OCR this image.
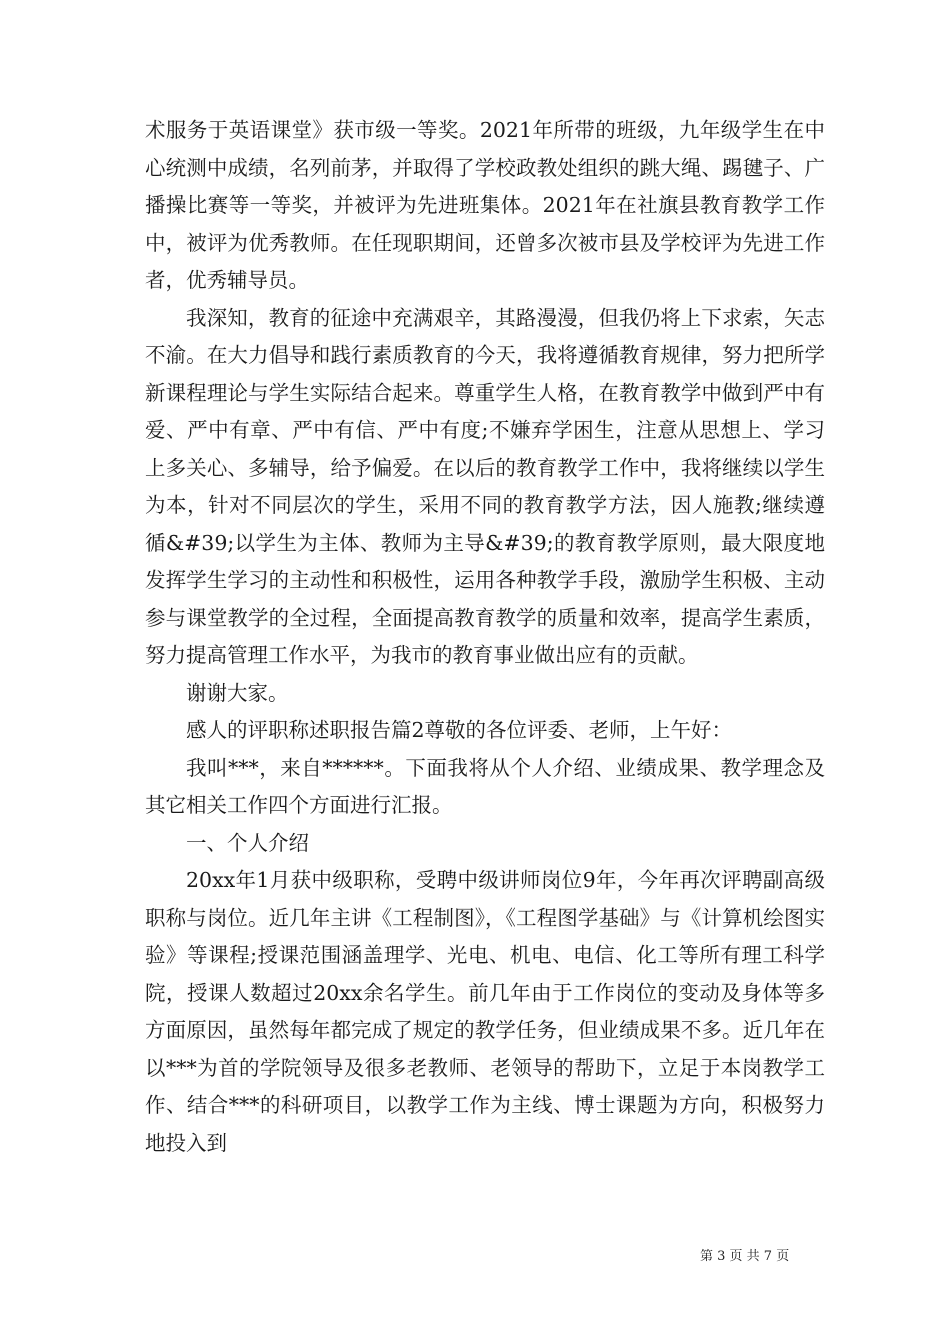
术服务于英语课堂》获市级一等奖。2021年所带的班级，九年级学生在中心统测中成绩，名列前茅，并取得了学校政教处组织的跳大绳、踢毽子、广播操比赛等一等奖，并被评为先进班集体。2021年在社旗县教育教学工作中，被评为优秀教师。在任现职期间，还曾多次被市县及学校评为先进工作者，优秀辅导员。

我深知，教育的征途中充满艰辛，其路漫漫，但我仍将上下求索，矢志不渝。在大力倡导和践行素质教育的今天，我将遵循教育规律，努力把所学新课程理论与学生实际结合起来。尊重学生人格，在教育教学中做到严中有爱、严中有章、严中有信、严中有度;不嫌弃学困生，注意从思想上、学习上多关心、多辅导，给予偏爱。在以后的教育教学工作中，我将继续以学生为本，针对不同层次的学生，采用不同的教育教学方法，因人施教;继续遵循&#39;以学生为主体、教师为主导&#39;的教育教学原则，最大限度地发挥学生学习的主动性和积极性，运用各种教学手段，激励学生积极、主动参与课堂教学的全过程，全面提高教育教学的质量和效率，提高学生素质，努力提高管理工作水平，为我市的教育事业做出应有的贡献。

谢谢大家。

感人的评职称述职报告篇2尊敬的各位评委、老师，上午好：

我叫***，来自******。下面我将从个人介绍、业绩成果、教学理念及其它相关工作四个方面进行汇报。

一、个人介绍

20xx年1月获中级职称，受聘中级讲师岗位9年，今年再次评聘副高级职称与岗位。近几年主讲《工程制图》，《工程图学基础》与《计算机绘图实验》等课程;授课范围涵盖理学、光电、机电、电信、化工等所有理工科学院，授课人数超过20xx余名学生。前几年由于工作岗位的变动及身体等多方面原因，虽然每年都完成了规定的教学任务，但业绩成果不多。近几年在以***为首的学院领导及很多老教师、老领导的帮助下，立足于本岗教学工作、结合***的科研项目，以教学工作为主线、博士课题为方向，积极努力地投入到

第 3 页 共 7 页
